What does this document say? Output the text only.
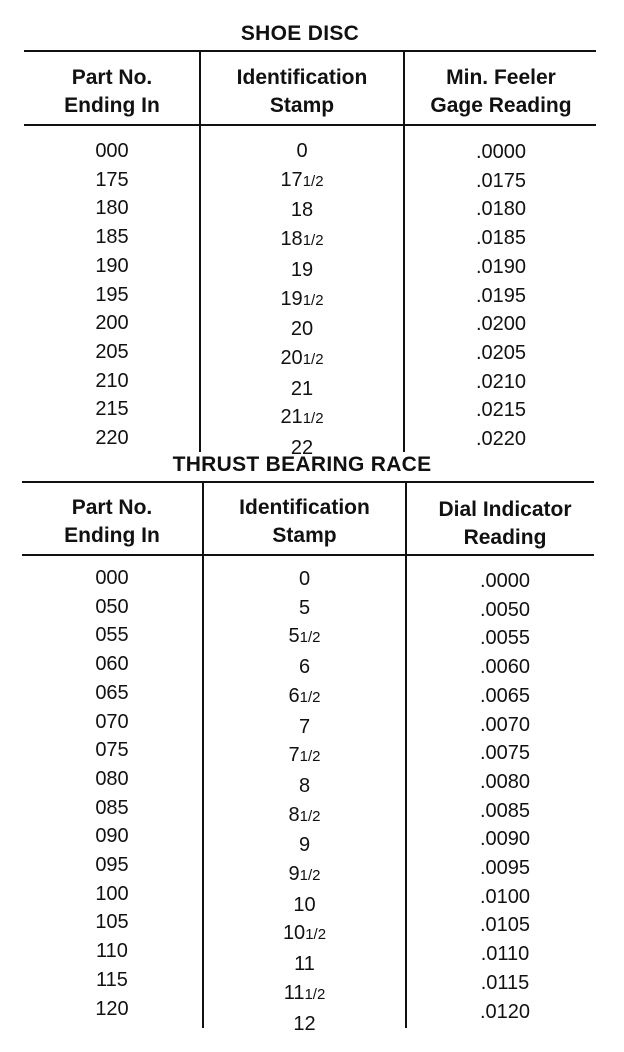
SHOE DISC
Part No.
Ending In
Identification
Stamp
Min. Feeler
Gage Reading
000
175
180
185
190
195
200
205
210
215
220
0
171/2
18
181/2
19
191/2
20
201/2
21
211/2
22
.0000
.0175
.0180
.0185
.0190
.0195
.0200
.0205
.0210
.0215
.0220
THRUST BEARING RACE
Part No.
Ending In
Identification
Stamp
Dial Indicator
Reading
000
050
055
060
065
070
075
080
085
090
095
100
105
110
115
120
0
5
51/2
6
61/2
7
71/2
8
81/2
9
91/2
10
101/2
11
111/2
12
.0000
.0050
.0055
.0060
.0065
.0070
.0075
.0080
.0085
.0090
.0095
.0100
.0105
.0110
.0115
.0120
